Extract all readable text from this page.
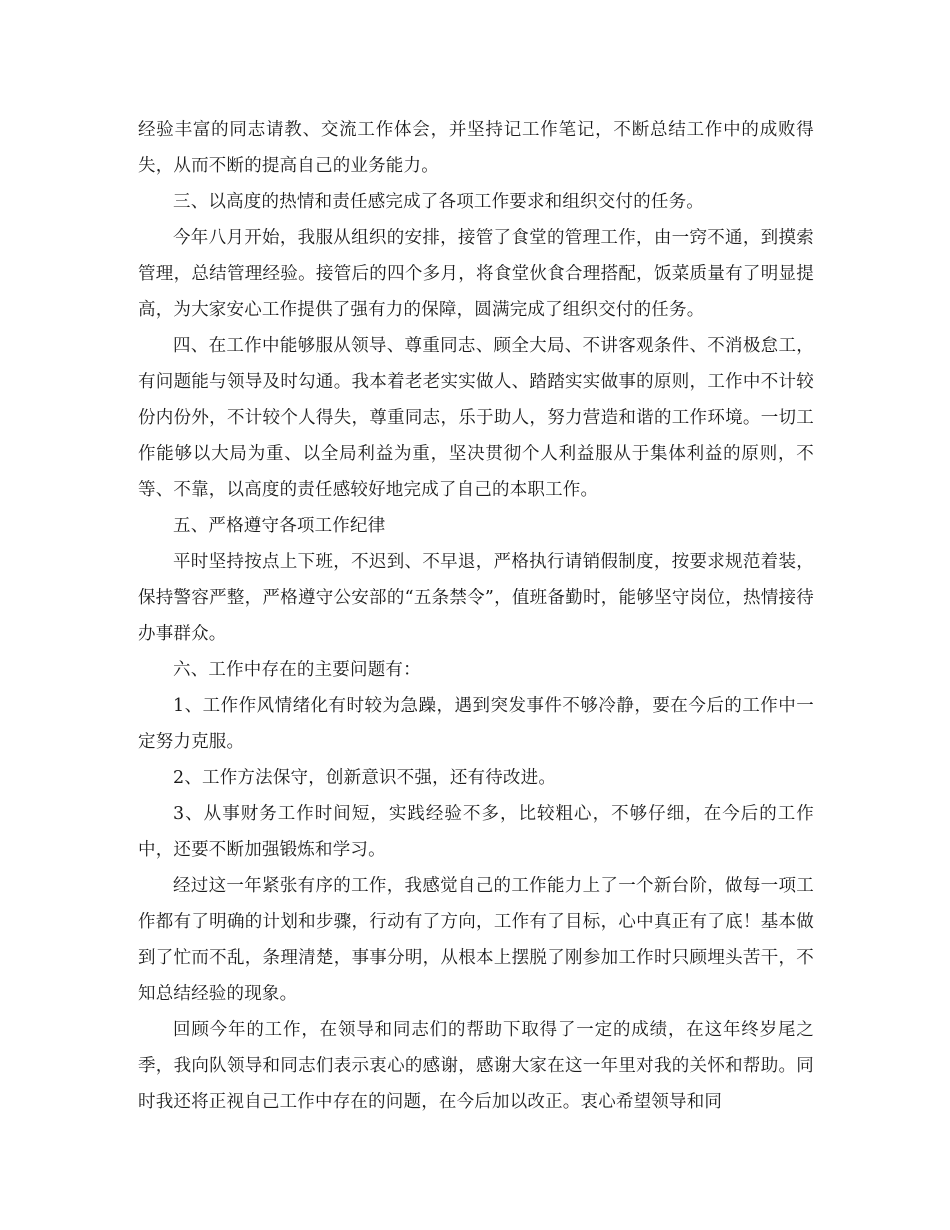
经验丰富的同志请教、交流工作体会，并坚持记工作笔记，不断总结工作中的成败得失，从而不断的提高自己的业务能力。

三、以高度的热情和责任感完成了各项工作要求和组织交付的任务。

今年八月开始，我服从组织的安排，接管了食堂的管理工作，由一窍不通，到摸索管理，总结管理经验。接管后的四个多月，将食堂伙食合理搭配，饭菜质量有了明显提高，为大家安心工作提供了强有力的保障，圆满完成了组织交付的任务。

四、在工作中能够服从领导、尊重同志、顾全大局、不讲客观条件、不消极怠工，有问题能与领导及时勾通。我本着老老实实做人、踏踏实实做事的原则，工作中不计较份内份外，不计较个人得失，尊重同志，乐于助人，努力营造和谐的工作环境。一切工作能够以大局为重、以全局利益为重，坚决贯彻个人利益服从于集体利益的原则，不等、不靠，以高度的责任感较好地完成了自己的本职工作。

五、严格遵守各项工作纪律

平时坚持按点上下班，不迟到、不早退，严格执行请销假制度，按要求规范着装，保持警容严整，严格遵守公安部的“五条禁令”，值班备勤时，能够坚守岗位，热情接待办事群众。

六、工作中存在的主要问题有：

1、工作作风情绪化有时较为急躁，遇到突发事件不够冷静，要在今后的工作中一定努力克服。

2、工作方法保守，创新意识不强，还有待改进。

3、从事财务工作时间短，实践经验不多，比较粗心，不够仔细，在今后的工作中，还要不断加强锻炼和学习。

经过这一年紧张有序的工作，我感觉自己的工作能力上了一个新台阶，做每一项工作都有了明确的计划和步骤，行动有了方向，工作有了目标，心中真正有了底！基本做到了忙而不乱，条理清楚，事事分明，从根本上摆脱了刚参加工作时只顾埋头苦干，不知总结经验的现象。

回顾今年的工作，在领导和同志们的帮助下取得了一定的成绩，在这年终岁尾之季，我向队领导和同志们表示衷心的感谢，感谢大家在这一年里对我的关怀和帮助。同时我还将正视自己工作中存在的问题，在今后加以改正。衷心希望领导和同
